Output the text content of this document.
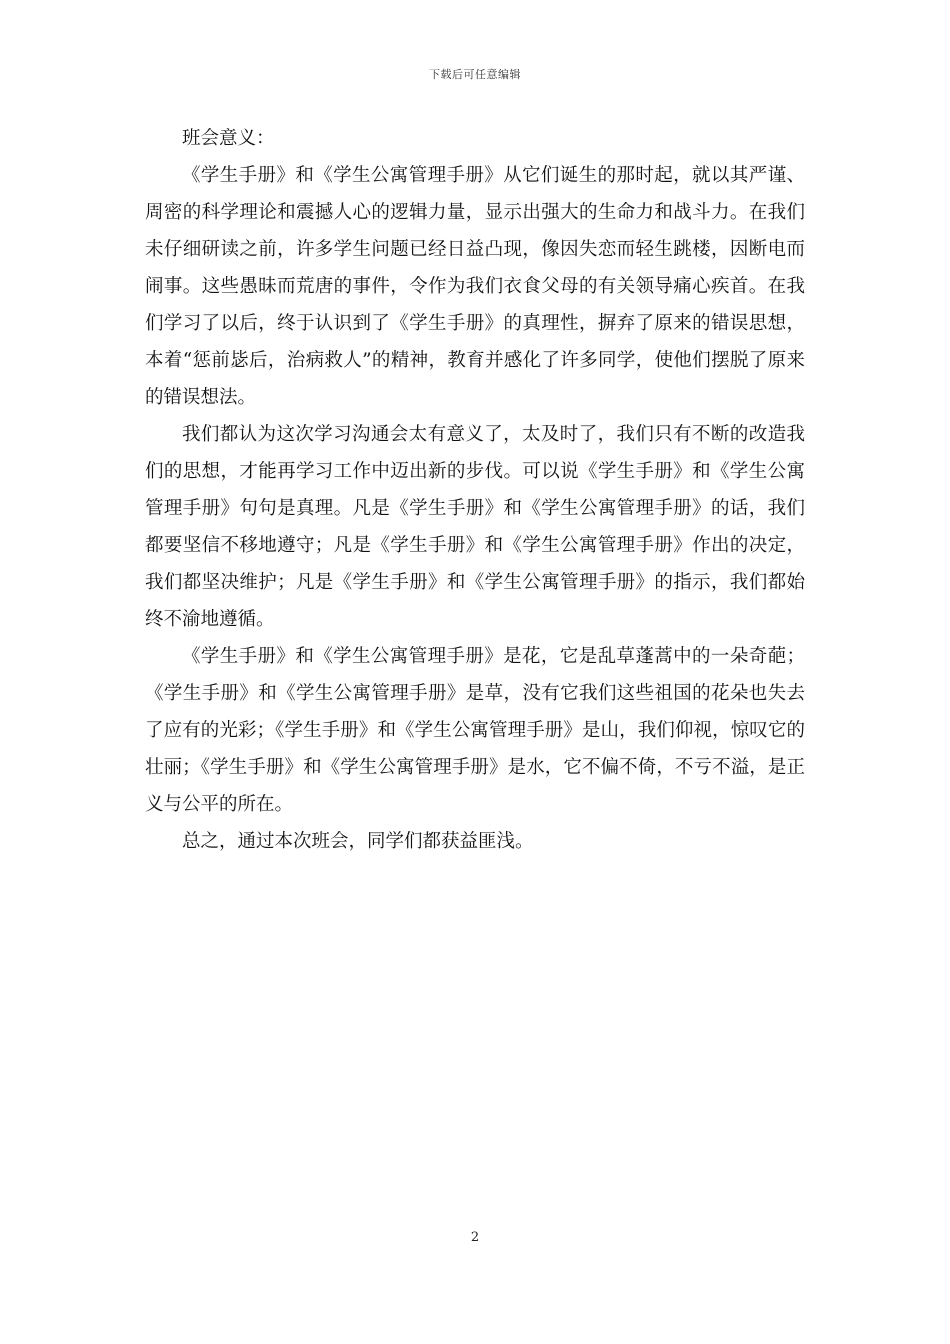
下载后可任意编辑

班会意义：

《学生手册》和《学生公寓管理手册》从它们诞生的那时起，就以其严谨、周密的科学理论和震撼人心的逻辑力量，显示出强大的生命力和战斗力。在我们未仔细研读之前，许多学生问题已经日益凸现，像因失恋而轻生跳楼，因断电而闹事。这些愚昧而荒唐的事件，令作为我们衣食父母的有关领导痛心疾首。在我们学习了以后，终于认识到了《学生手册》的真理性，摒弃了原来的错误思想，本着“惩前毖后，治病救人”的精神，教育并感化了许多同学，使他们摆脱了原来的错误想法。

我们都认为这次学习沟通会太有意义了，太及时了，我们只有不断的改造我们的思想，才能再学习工作中迈出新的步伐。可以说《学生手册》和《学生公寓管理手册》句句是真理。凡是《学生手册》和《学生公寓管理手册》的话，我们都要坚信不移地遵守；凡是《学生手册》和《学生公寓管理手册》作出的决定，我们都坚决维护；凡是《学生手册》和《学生公寓管理手册》的指示，我们都始终不渝地遵循。

《学生手册》和《学生公寓管理手册》是花，它是乱草蓬蒿中的一朵奇葩；《学生手册》和《学生公寓管理手册》是草，没有它我们这些祖国的花朵也失去了应有的光彩；《学生手册》和《学生公寓管理手册》是山，我们仰视，惊叹它的壮丽；《学生手册》和《学生公寓管理手册》是水，它不偏不倚，不亏不溢，是正义与公平的所在。

总之，通过本次班会，同学们都获益匪浅。

2
